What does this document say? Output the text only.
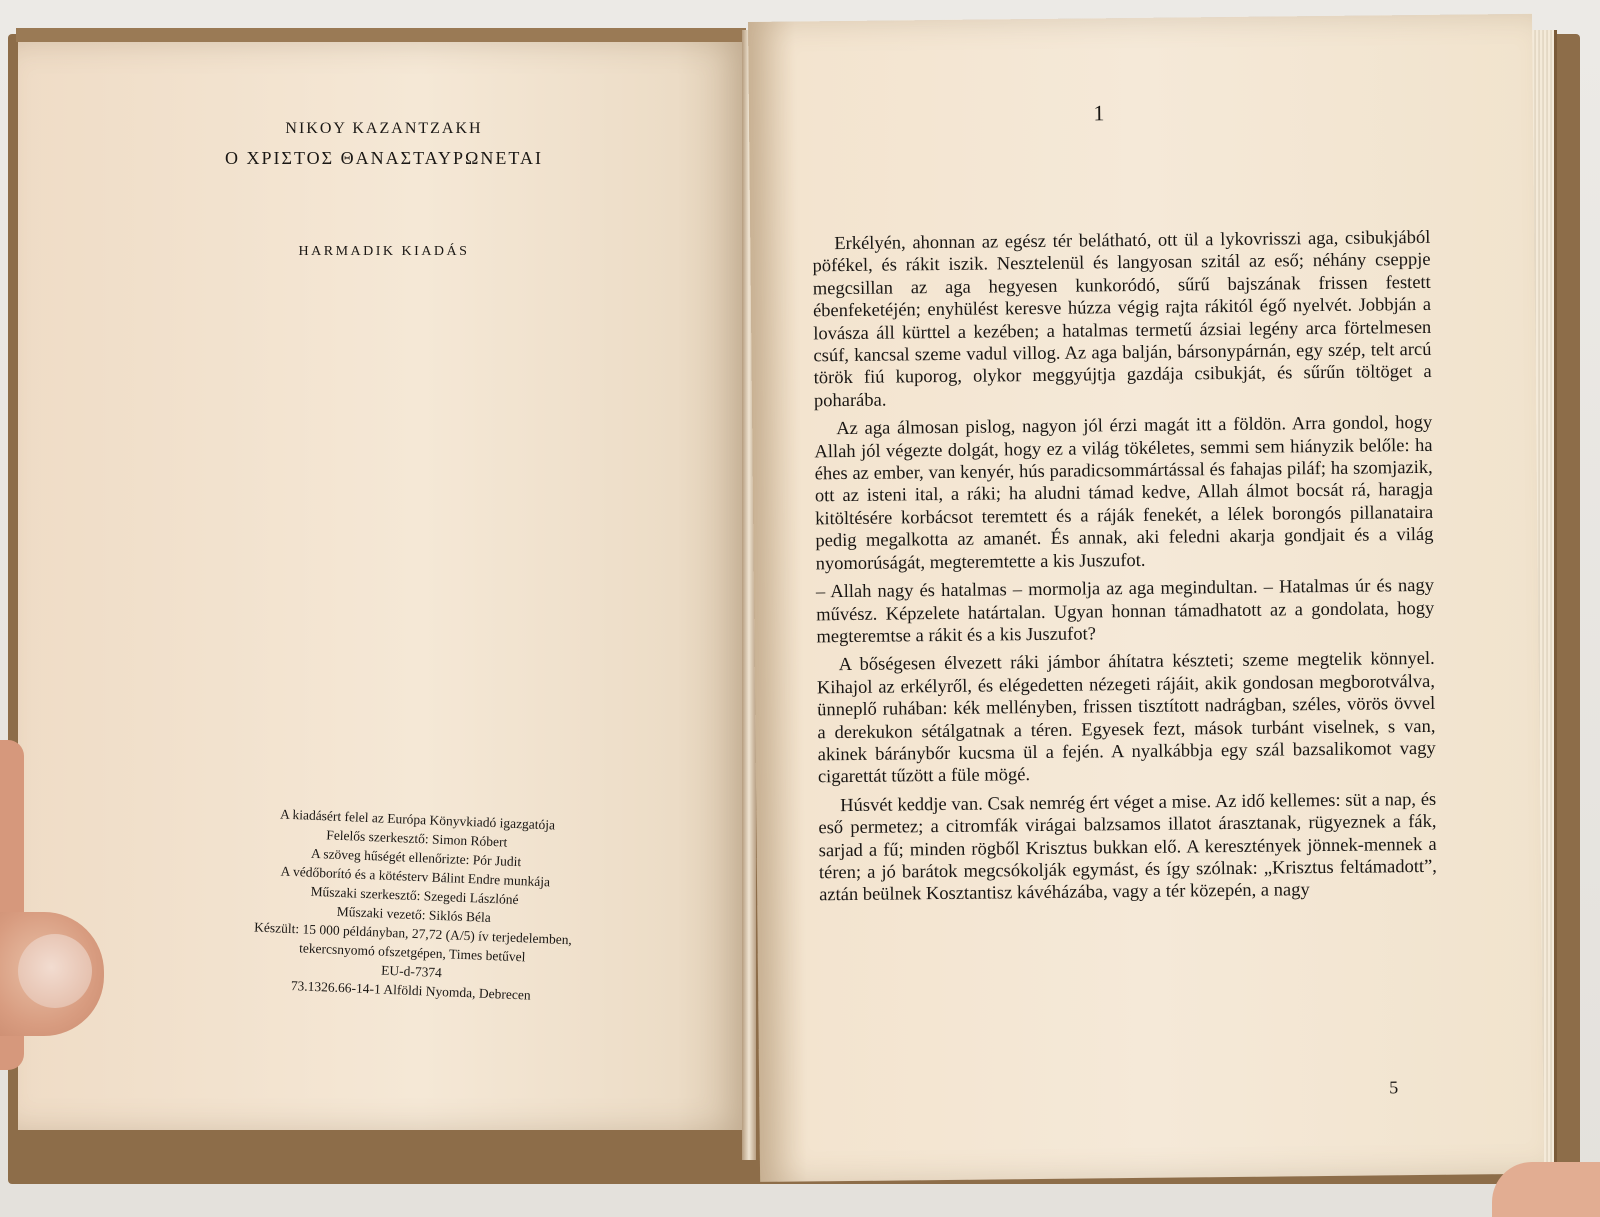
NIKOY KAZANTZAKH
O XPIΣTOΣ ΘANAΣTAYPΩNETAI
HARMADIK KIADÁS
A kiadásért felel az Európa Könyvkiadó igazgatója
Felelős szerkesztő: Simon Róbert
A szöveg hűségét ellenőrizte: Pór Judit
A védőborító és a kötésterv Bálint Endre munkája
Műszaki szerkesztő: Szegedi Lászlóné
Műszaki vezető: Siklós Béla
Készült: 15 000 példányban, 27,72 (A/5) ív terjedelemben,
tekercsnyomó ofszetgépen, Times betűvel
EU-d-7374
73.1326.66-14-1 Alföldi Nyomda, Debrecen
1

Erkélyén, ahonnan az egész tér belátható, ott ül a lykovrisszi aga, csibukjából pöfékel, és rákit iszik. Nesztelenül és langyosan szitál az eső; néhány cseppje megcsillan az aga hegyesen kunkoródó, sűrű bajszának frissen festett ébenfeketéjén; enyhülést keresve húzza végig rajta rákitól égő nyelvét. Jobbján a lovásza áll kürttel a kezében; a hatalmas termetű ázsiai legény arca förtelmesen csúf, kancsal szeme vadul villog. Az aga balján, bársonypárnán, egy szép, telt arcú török fiú kuporog, olykor meggyújtja gazdája csibukját, és sűrűn töltöget a poharába.

Az aga álmosan pislog, nagyon jól érzi magát itt a földön. Arra gondol, hogy Allah jól végezte dolgát, hogy ez a világ tökéletes, semmi sem hiányzik belőle: ha éhes az ember, van kenyér, hús paradicsommártással és fahajas piláf; ha szomjazik, ott az isteni ital, a ráki; ha aludni támad kedve, Allah álmot bocsát rá, haragja kitöltésére korbácsot teremtett és a ráják fenekét, a lélek borongós pillanataira pedig megalkotta az amanét. És annak, aki feledni akarja gondjait és a világ nyomorúságát, megteremtette a kis Juszufot.

– Allah nagy és hatalmas – mormolja az aga megindultan. – Hatalmas úr és nagy művész. Képzelete határtalan. Ugyan honnan támadhatott az a gondolata, hogy megteremtse a rákit és a kis Juszufot?

A bőségesen élvezett ráki jámbor áhítatra készteti; szeme megtelik könnyel. Kihajol az erkélyről, és elégedetten nézegeti rájáit, akik gondosan megborotválva, ünneplő ruhában: kék mellényben, frissen tisztított nadrágban, széles, vörös övvel a derekukon sétálgatnak a téren. Egyesek fezt, mások turbánt viselnek, s van, akinek báránybőr kucsma ül a fején. A nyalkábbja egy szál bazsalikomot vagy cigarettát tűzött a füle mögé.

Húsvét keddje van. Csak nemrég ért véget a mise. Az idő kellemes: süt a nap, és eső permetez; a citromfák virágai balzsamos illatot árasztanak, rügyeznek a fák, sarjad a fű; minden rögből Krisztus bukkan elő. A keresztények jönnek-mennek a téren; a jó barátok megcsókolják egymást, és így szólnak: „Krisztus feltámadott”, aztán beülnek Kosztantisz kávéházába, vagy a tér közepén, a nagy

5
